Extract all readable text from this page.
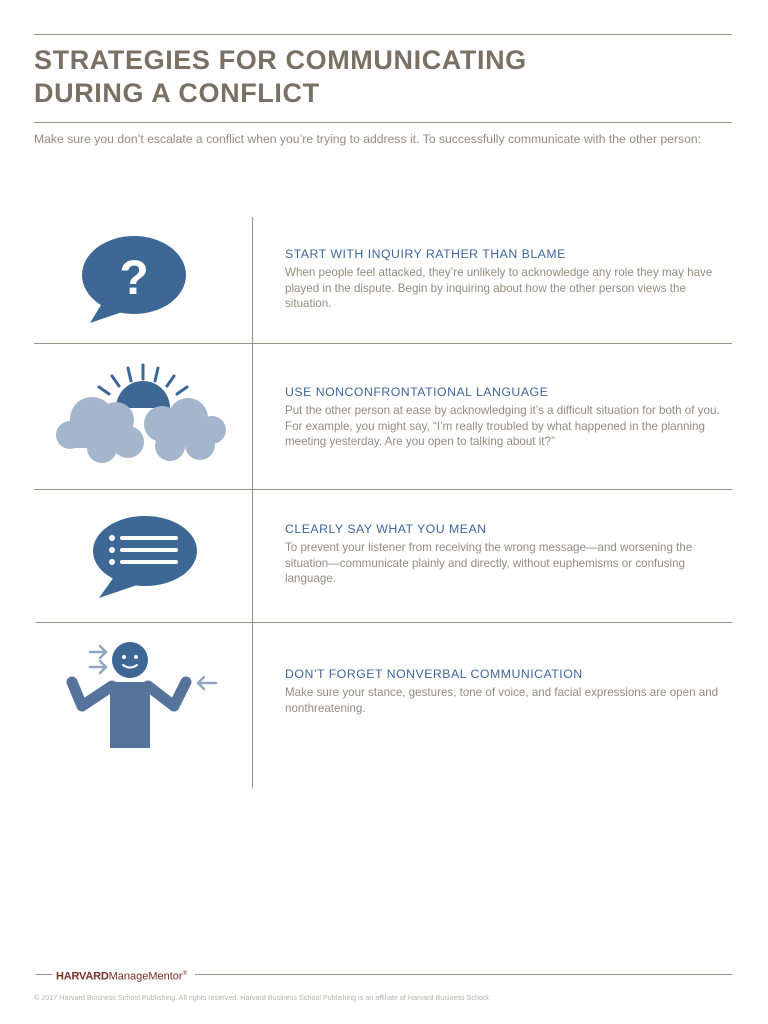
STRATEGIES FOR COMMUNICATING
DURING A CONFLICT

Make sure you don’t escalate a conflict when you’re trying to address it. To successfully communicate with the other person:

?	START WITH INQUIRY RATHER THAN BLAME

When people feel attacked, they’re unlikely to acknowledge any role they may have played in the dispute. Begin by inquiring about how the other person views the situation.

USE NONCONFRONTATIONAL LANGUAGE

Put the other person at ease by acknowledging it’s a difficult situation for both of you. For example, you might say, “I’m really troubled by what happened in the planning meeting yesterday. Are you open to talking about it?”

CLEARLY SAY WHAT YOU MEAN

To prevent your listener from receiving the wrong message—and worsening the situation—communicate plainly and directly, without euphemisms or confusing language.

DON’T FORGET NONVERBAL COMMUNICATION

Make sure your stance, gestures, tone of voice, and facial expressions are open and nonthreatening.

HARVARDManageMentor®

© 2017 Harvard Business School Publishing. All rights reserved. Harvard Business School Publishing is an affiliate of Harvard Business School.
